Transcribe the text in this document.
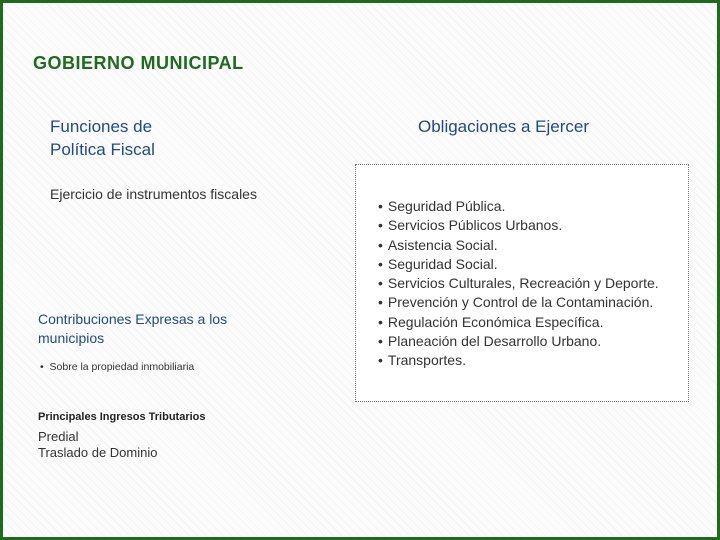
GOBIERNO MUNICIPAL
Funciones de
Política Fiscal
Ejercicio de instrumentos fiscales
Contribuciones Expresas a los
municipios
•  Sobre la propiedad inmobiliaria
Principales Ingresos Tributarios
Predial
Traslado de Dominio
Obligaciones a Ejercer
• Seguridad Pública.
• Servicios Públicos Urbanos.
• Asistencia Social.
• Seguridad Social.
• Servicios Culturales, Recreación y Deporte.
• Prevención y Control de la Contaminación.
• Regulación Económica Específica.
• Planeación del Desarrollo Urbano.
• Transportes.
